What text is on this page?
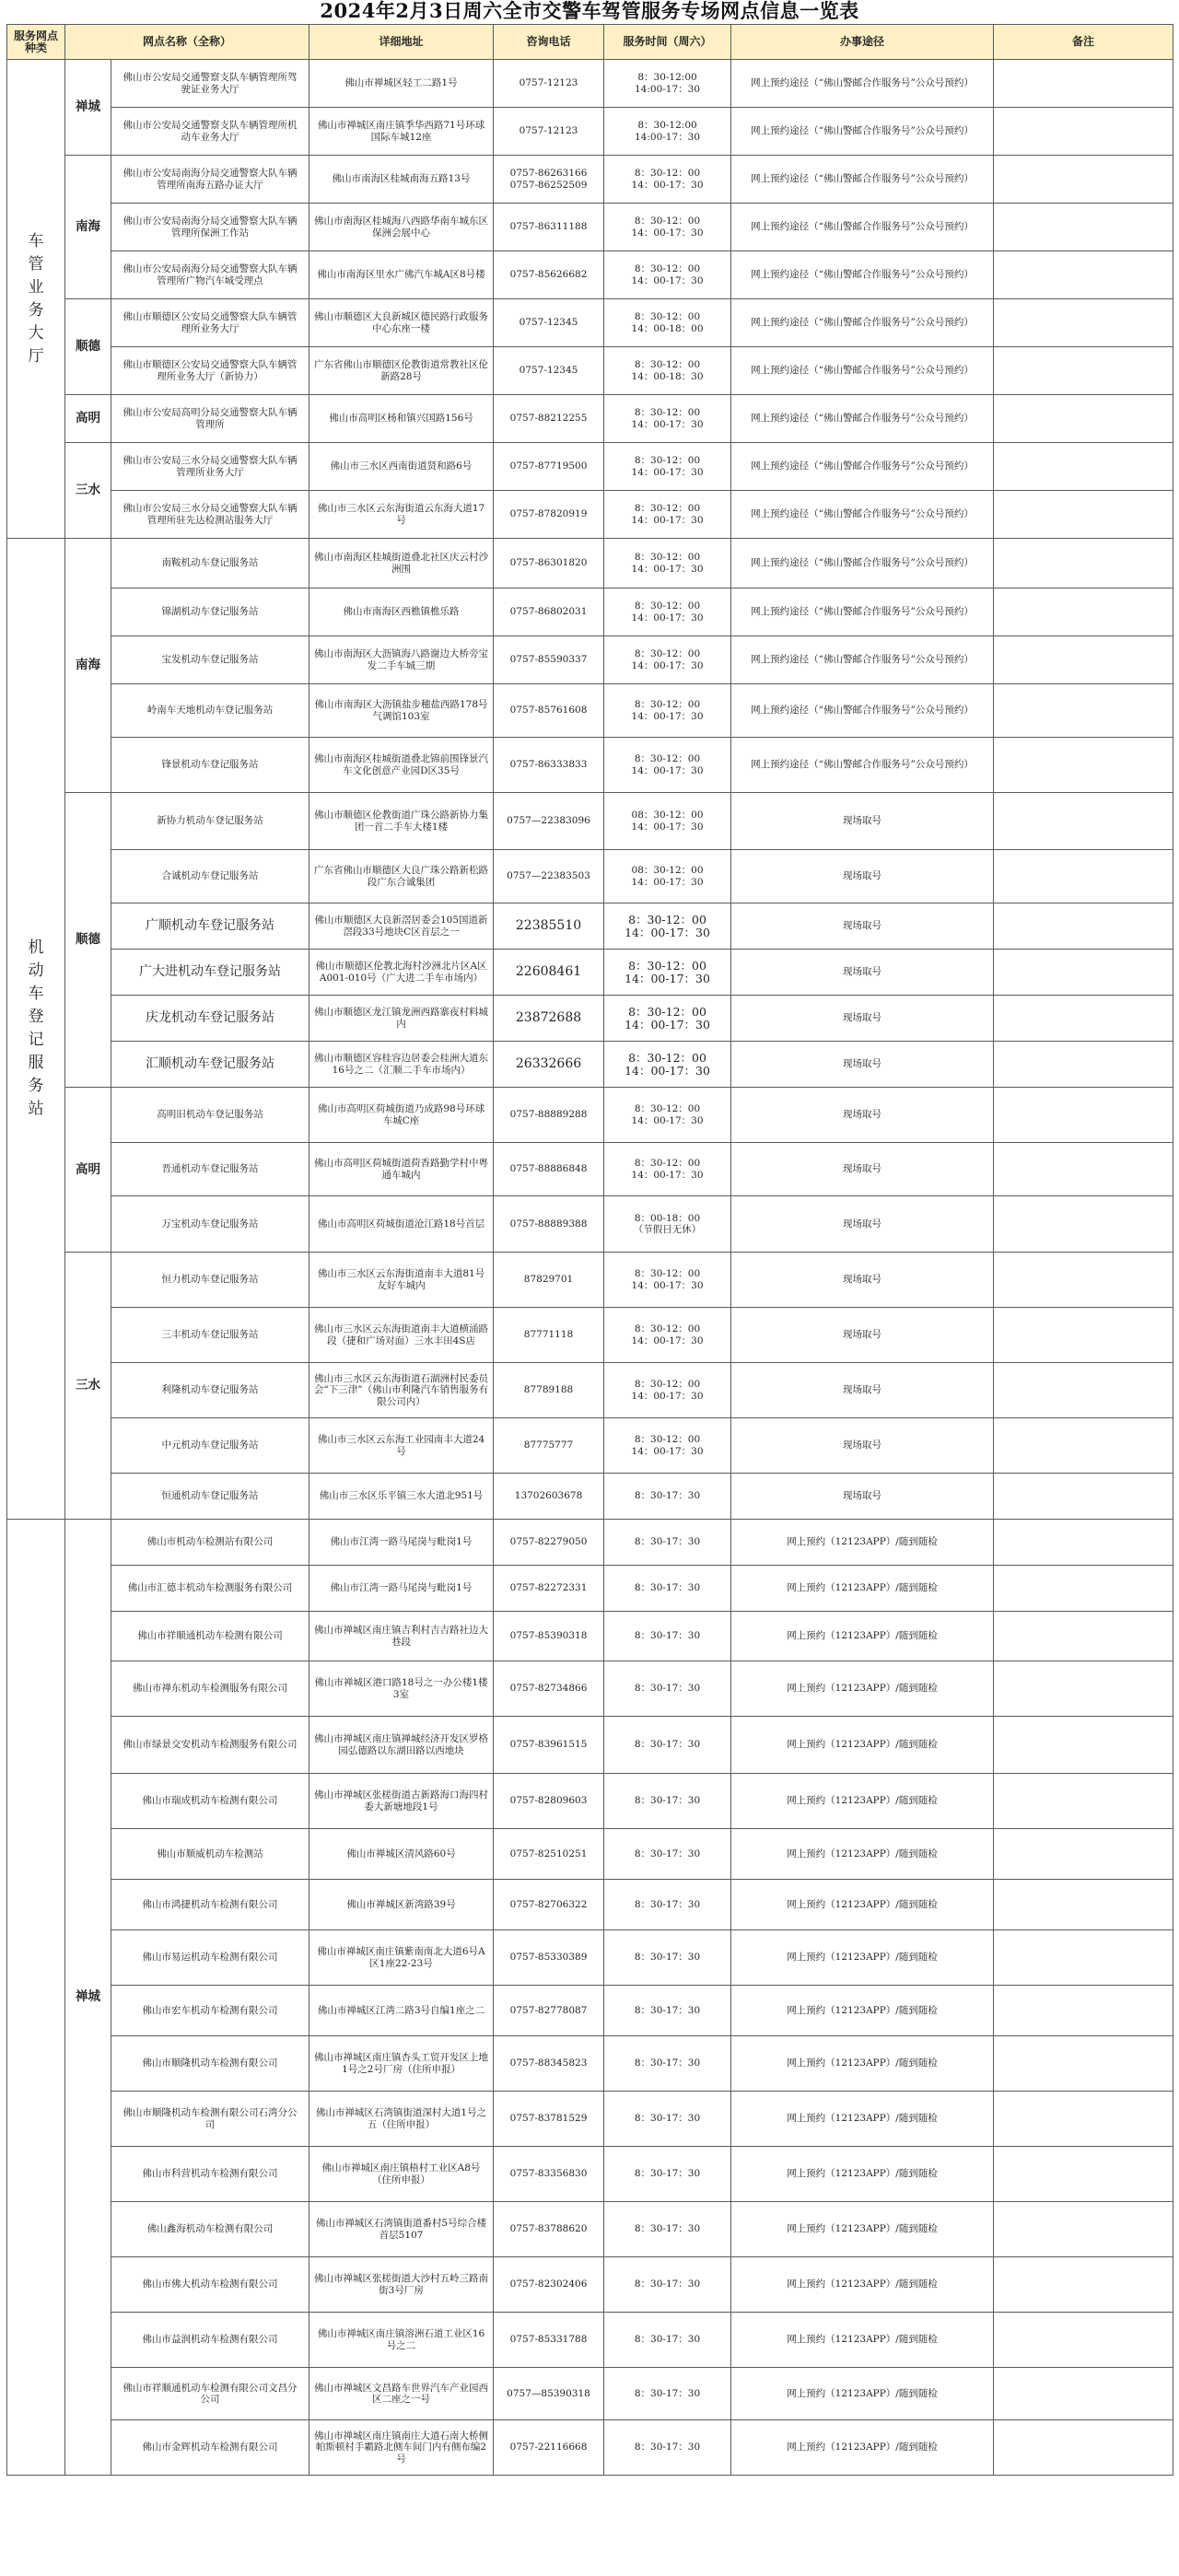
2024年2月3日周六全市交警车驾管服务专场网点信息一览表
服务网点种类	网点名称（全称）		详细地址	咨询电话	服务时间（周六）	办事途径	备注
车管业务大厅	禅城	佛山市公安局交通警察支队车辆管理所驾驶证业务大厅	佛山市禅城区轻工二路1号	0757-12123	8：30-12:00
14:00-17：30	网上预约途径（“佛山警邮合作服务号”公众号预约）	
		佛山市公安局交通警察支队车辆管理所机动车业务大厅	佛山市禅城区南庄镇季华西路71号环球国际车城12座	0757-12123	8：30-12:00
14:00-17：30	网上预约途径（“佛山警邮合作服务号”公众号预约）	
	南海	佛山市公安局南海分局交通警察大队车辆管理所南海五路办证大厅	佛山市南海区桂城南海五路13号	0757-86263166
0757-86252509	8：30-12：00
14：00-17：30	网上预约途径（“佛山警邮合作服务号”公众号预约）	
		佛山市公安局南海分局交通警察大队车辆管理所保洲工作站	佛山市南海区桂城海八西路华南车城东区保洲会展中心	0757-86311188	8：30-12：00
14：00-17：30	网上预约途径（“佛山警邮合作服务号”公众号预约）	
		佛山市公安局南海分局交通警察大队车辆管理所广物汽车城受理点	佛山市南海区里水广佛汽车城A区8号楼	0757-85626682	8：30-12：00
14：00-17：30	网上预约途径（“佛山警邮合作服务号”公众号预约）	
	顺德	佛山市顺德区公安局交通警察大队车辆管理所业务大厅	佛山市顺德区大良新城区德民路行政服务中心东座一楼	0757-12345	8：30-12：00
14：00-18：00	网上预约途径（“佛山警邮合作服务号”公众号预约）	
		佛山市顺德区公安局交通警察大队车辆管理所业务大厅（新协力）	广东省佛山市顺德区伦教街道常教社区伦新路28号	0757-12345	8：30-12：00
14：00-18：30	网上预约途径（“佛山警邮合作服务号”公众号预约）	
	高明	佛山市公安局高明分局交通警察大队车辆管理所	佛山市高明区杨和镇兴国路156号	0757-88212255	8：30-12：00
14：00-17：30	网上预约途径（“佛山警邮合作服务号”公众号预约）	
	三水	佛山市公安局三水分局交通警察大队车辆管理所业务大厅	佛山市三水区西南街道贤和路6号	0757-87719500	8：30-12：00
14：00-17：30	网上预约途径（“佛山警邮合作服务号”公众号预约）	
		佛山市公安局三水分局交通警察大队车辆管理所驻先达检测站服务大厅	佛山市三水区云东海街道云东海大道17号	0757-87820919	8：30-12：00
14：00-17：30	网上预约途径（“佛山警邮合作服务号”公众号预约）	
机动车登记服务站	南海	南鞍机动车登记服务站	佛山市南海区桂城街道叠北社区庆云村沙洲围	0757-86301820	8：30-12：00
14：00-17：30	网上预约途径（“佛山警邮合作服务号”公众号预约）	
		锦湖机动车登记服务站	佛山市南海区西樵镇樵乐路	0757-86802031	8：30-12：00
14：00-17：30	网上预约途径（“佛山警邮合作服务号”公众号预约）	
		宝发机动车登记服务站	佛山市南海区大沥镇海八路谢边大桥旁宝发二手车城三期	0757-85590337	8：30-12：00
14：00-17：30	网上预约途径（“佛山警邮合作服务号”公众号预约）	
		岭南车天地机动车登记服务站	佛山市南海区大沥镇盐步穗盐西路178号气调馆103室	0757-85761608	8：30-12：00
14：00-17：30	网上预约途径（“佛山警邮合作服务号”公众号预约）	
		锋景机动车登记服务站	佛山市南海区桂城街道叠北锦前围锋景汽车文化创意产业园D区35号	0757-86333833	8：30-12：00
14：00-17：30	网上预约途径（“佛山警邮合作服务号”公众号预约）	
	顺德	新协力机动车登记服务站	佛山市顺德区伦教街道广珠公路新协力集团一首二手车大楼1楼	0757—22383096	08：30-12：00
14：00-17：30	现场取号	
		合诚机动车登记服务站	广东省佛山市顺德区大良广珠公路新松路段广东合诚集团	0757—22383503	08：30-12：00
14：00-17：30	现场取号	
		广顺机动车登记服务站	佛山市顺德区大良新滘居委会105国道新滘段33号地块C区首层之一	22385510	8：30-12：00
14：00-17：30	现场取号	
		广大进机动车登记服务站	佛山市顺德区伦教北海村沙洲北片区A区A001-010号（广大进二手车市场内）	22608461	8：30-12：00
14：00-17：30	现场取号	
		庆龙机动车登记服务站	佛山市顺德区龙江镇龙洲西路寨夜村料城内	23872688	8：30-12：00
14：00-17：30	现场取号	
		汇顺机动车登记服务站	佛山市顺德区容桂容边居委会桂洲大道东16号之二（汇顺二手车市场内）	26332666	8：30-12：00
14：00-17：30	现场取号	
	高明	高明旧机动车登记服务站	佛山市高明区荷城街道乃成路98号环球车城C座	0757-88889288	8：30-12：00
14：00-17：30	现场取号	
		晋通机动车登记服务站	佛山市高明区荷城街道荷香路勤学村中粤通车城内	0757-88886848	8：30-12：00
14：00-17：30	现场取号	
		万宝机动车登记服务站	佛山市高明区荷城街道沧江路18号首层	0757-88889388	8：00-18：00
（节假日无休）	现场取号	
	三水	恒力机动车登记服务站	佛山市三水区云东海街道南丰大道81号友好车城内	87829701	8：30-12：00
14：00-17：30	现场取号	
		三丰机动车登记服务站	佛山市三水区云东海街道南丰大道横涌路段（捷和广场对面）三水丰田4S店	87771118	8：30-12：00
14：00-17：30	现场取号	
		利隆机动车登记服务站	佛山市三水区云东海街道石湖洲村民委员会“下三津”（佛山市利隆汽车销售服务有限公司内）	87789188	8：30-12：00
14：00-17：30	现场取号	
		中元机动车登记服务站	佛山市三水区云东海工业园南丰大道24号	87775777	8：30-12：00
14：00-17：30	现场取号	
		恒通机动车登记服务站	佛山市三水区乐平镇三水大道北951号	13702603678	8：30-17：30	现场取号	
	禅城	佛山市机动车检测站有限公司	佛山市江湾一路马尾岗与毗岗1号	0757-82279050	8：30-17：30	网上预约（12123APP）/随到随检	
		佛山市汇德丰机动车检测服务有限公司	佛山市江湾一路马尾岗与毗岗1号	0757-82272331	8：30-17：30	网上预约（12123APP）/随到随检	
		佛山市祥顺通机动车检测有限公司	佛山市禅城区南庄镇吉利村吉吉路社边大巷段	0757-85390318	8：30-17：30	网上预约（12123APP）/随到随检	
		佛山市禅东机动车检测服务有限公司	佛山市禅城区港口路18号之一办公楼1楼3室	0757-82734866	8：30-17：30	网上预约（12123APP）/随到随检	
		佛山市绿景交安机动车检测服务有限公司	佛山市禅城区南庄镇禅城经济开发区罗格园弘德路以东湖田路以西地块	0757-83961515	8：30-17：30	网上预约（12123APP）/随到随检	
		佛山市瑞成机动车检测有限公司	佛山市禅城区张槎街道古新路海口海四村委大新塘地段1号	0757-82809603	8：30-17：30	网上预约（12123APP）/随到随检	
		佛山市顺威机动车检测站	佛山市禅城区清风路60号	0757-82510251	8：30-17：30	网上预约（12123APP）/随到随检	
		佛山市鸿捷机动车检测有限公司	佛山市禅城区新湾路39号	0757-82706322	8：30-17：30	网上预约（12123APP）/随到随检	
		佛山市易运机动车检测有限公司	佛山市禅城区南庄镇紫南南北大道6号A区1座22-23号	0757-85330389	8：30-17：30	网上预约（12123APP）/随到随检	
		佛山市宏车机动车检测有限公司	佛山市禅城区江湾二路3号自编1座之二	0757-82778087	8：30-17：30	网上预约（12123APP）/随到随检	
		佛山市顺隆机动车检测有限公司	佛山市禅城区南庄镇杏头工贸开发区上地1号之2号厂房（住所申报）	0757-88345823	8：30-17：30	网上预约（12123APP）/随到随检	
		佛山市顺隆机动车检测有限公司石湾分公司	佛山市禅城区石湾镇街道深村大道1号之五（住所申报）	0757-83781529	8：30-17：30	网上预约（12123APP）/随到随检	
		佛山市科营机动车检测有限公司	佛山市禅城区南庄镇梧村工业区A8号（住所申报）	0757-83356830	8：30-17：30	网上预约（12123APP）/随到随检	
		佛山鑫海机动车检测有限公司	佛山市禅城区石湾镇街道番村5号综合楼首层5107	0757-83788620	8：30-17：30	网上预约（12123APP）/随到随检	
		佛山市佛大机动车检测有限公司	佛山市禅城区张槎街道大沙村五岭三路南街3号厂房	0757-82302406	8：30-17：30	网上预约（12123APP）/随到随检	
		佛山市益润机动车检测有限公司	佛山市禅城区南庄镇溶洲石道工业区16号之二	0757-85331788	8：30-17：30	网上预约（12123APP）/随到随检	
		佛山市祥顺通机动车检测有限公司文昌分公司	佛山市禅城区文昌路车世界汽车产业园西区二座之一号	0757—85390318	8：30-17：30	网上预约（12123APP）/随到随检	
		佛山市金辉机动车检测有限公司	佛山市禅城区南庄镇南庄大道石南大桥侧帕斯顿村手霸路北侧车间门内有侧布编2号	0757-22116668	8：30-17：30	网上预约（12123APP）/随到随检	
